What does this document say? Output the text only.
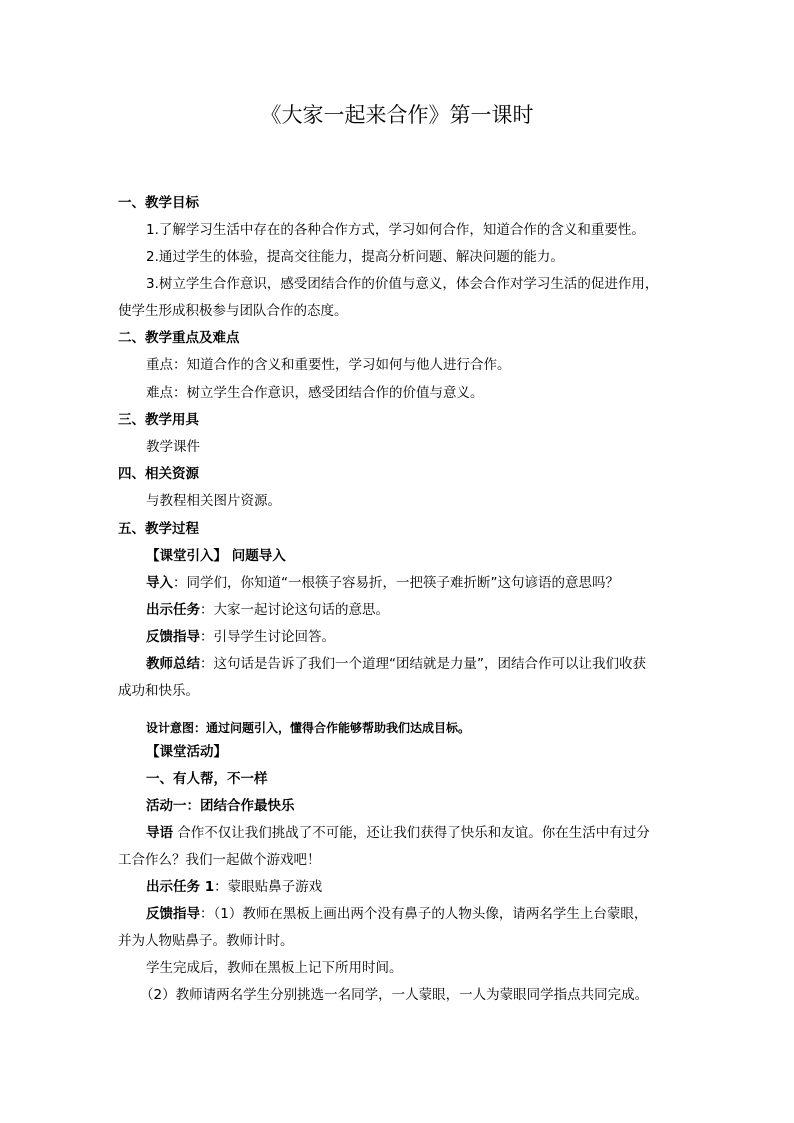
《大家一起来合作》第一课时
一、教学目标
1.了解学习生活中存在的各种合作方式，学习如何合作，知道合作的含义和重要性。
2.通过学生的体验，提高交往能力，提高分析问题、解决问题的能力。
3.树立学生合作意识，感受团结合作的价值与意义，体会合作对学习生活的促进作用，
使学生形成积极参与团队合作的态度。
二、教学重点及难点
重点：知道合作的含义和重要性，学习如何与他人进行合作。
难点：树立学生合作意识，感受团结合作的价值与意义。
三、教学用具
教学课件
四、相关资源
与教程相关图片资源。
五、教学过程
【课堂引入】 问题导入
导入：同学们，你知道“一根筷子容易折，一把筷子难折断”这句谚语的意思吗？
出示任务：大家一起讨论这句话的意思。
反馈指导：引导学生讨论回答。
教师总结：这句话是告诉了我们一个道理“团结就是力量”，团结合作可以让我们收获
成功和快乐。
设计意图：通过问题引入，懂得合作能够帮助我们达成目标。
【课堂活动】
一、有人帮，不一样
活动一：团结合作最快乐
导语 合作不仅让我们挑战了不可能，还让我们获得了快乐和友谊。你在生活中有过分
工合作么？我们一起做个游戏吧！
出示任务 1：蒙眼贴鼻子游戏
反馈指导：（1）教师在黑板上画出两个没有鼻子的人物头像，请两名学生上台蒙眼，
并为人物贴鼻子。教师计时。
学生完成后，教师在黑板上记下所用时间。
（2）教师请两名学生分别挑选一名同学，一人蒙眼，一人为蒙眼同学指点共同完成。
